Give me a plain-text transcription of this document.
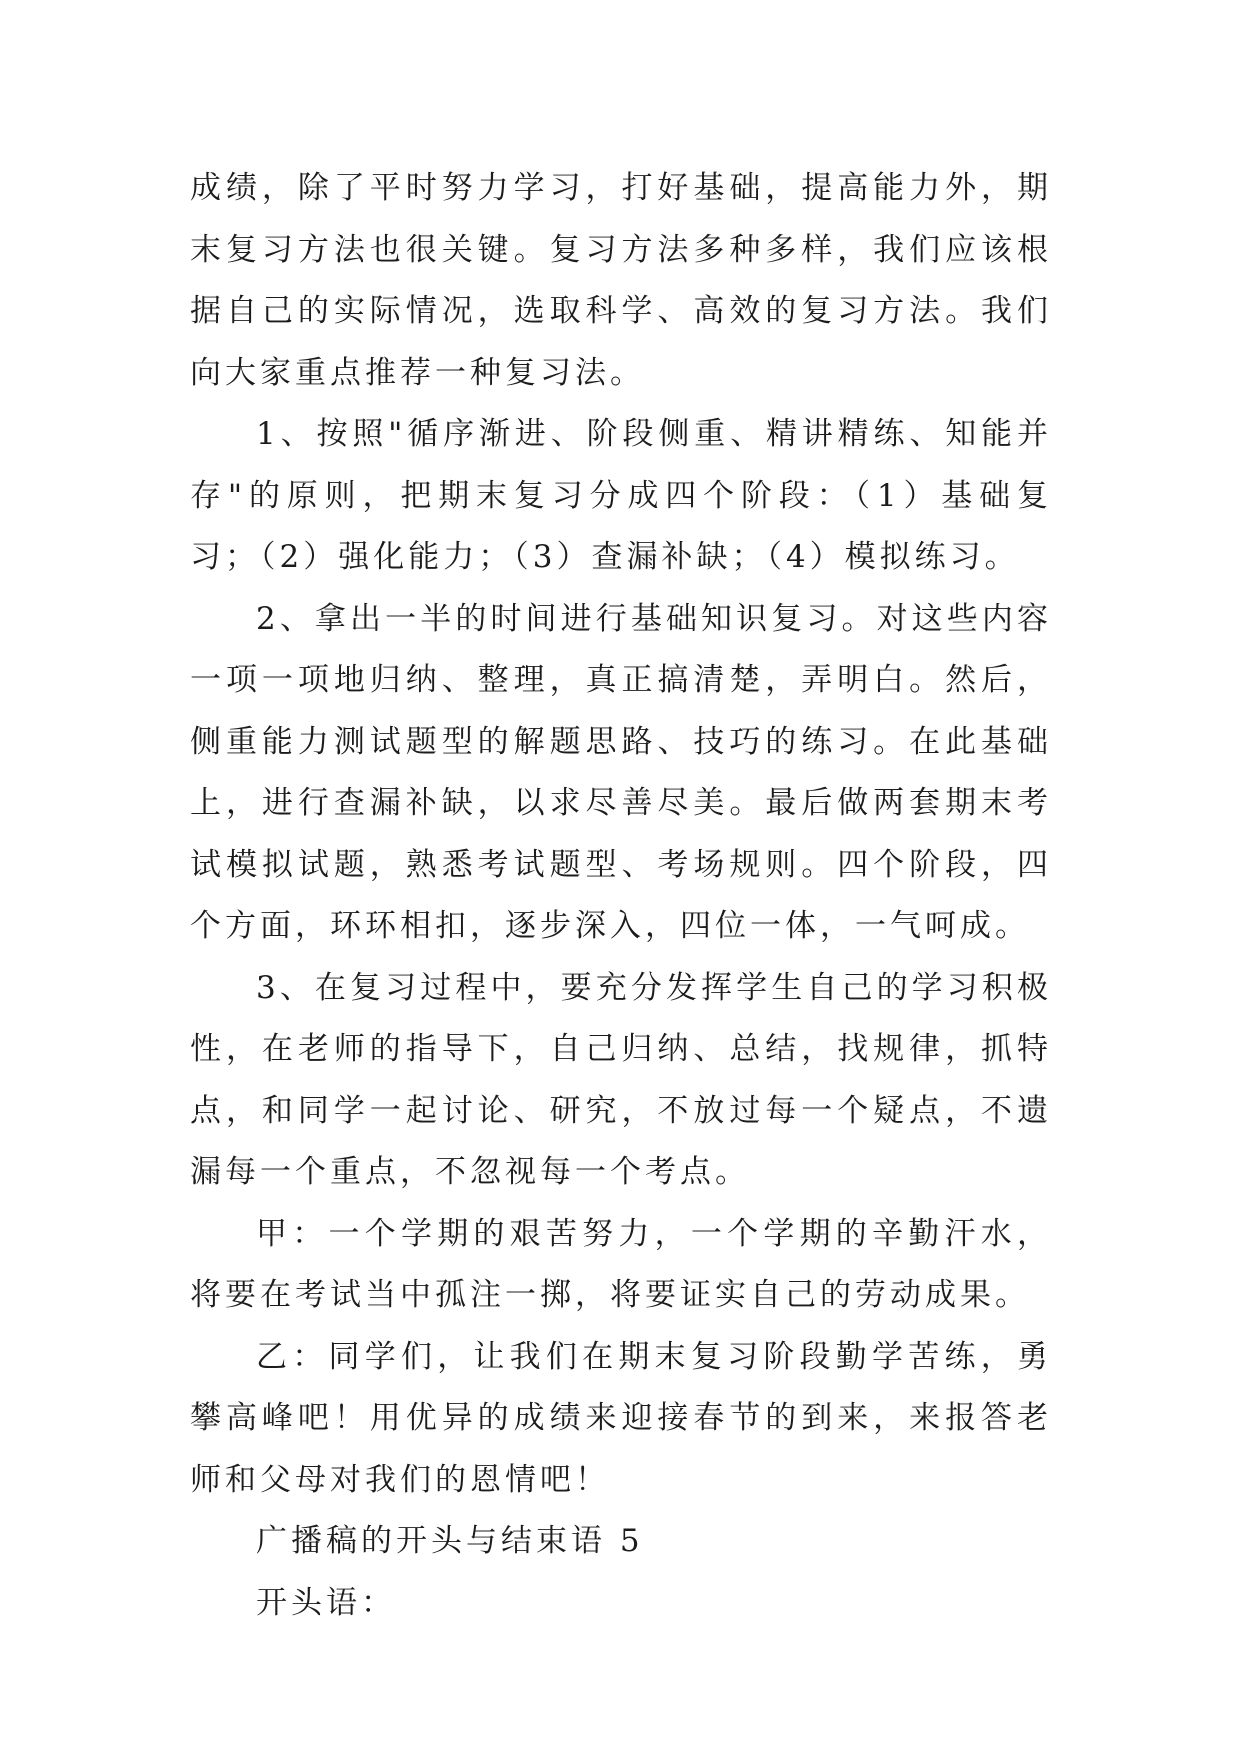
成绩，除了平时努力学习，打好基础，提高能力外，期末复习方法也很关键。复习方法多种多样，我们应该根据自己的实际情况，选取科学、高效的复习方法。我们向大家重点推荐一种复习法。

1、按照"循序渐进、阶段侧重、精讲精练、知能并存"的原则，把期末复习分成四个阶段：（1）基础复习；（2）强化能力；（3）查漏补缺；（4）模拟练习。

2、拿出一半的时间进行基础知识复习。对这些内容一项一项地归纳、整理，真正搞清楚，弄明白。然后，侧重能力测试题型的解题思路、技巧的练习。在此基础上，进行查漏补缺，以求尽善尽美。最后做两套期末考试模拟试题，熟悉考试题型、考场规则。四个阶段，四个方面，环环相扣，逐步深入，四位一体，一气呵成。

3、在复习过程中，要充分发挥学生自己的学习积极性，在老师的指导下，自己归纳、总结，找规律，抓特点，和同学一起讨论、研究，不放过每一个疑点，不遗漏每一个重点，不忽视每一个考点。

甲：一个学期的艰苦努力，一个学期的辛勤汗水，将要在考试当中孤注一掷，将要证实自己的劳动成果。

乙：同学们，让我们在期末复习阶段勤学苦练，勇攀高峰吧！用优异的成绩来迎接春节的到来，来报答老师和父母对我们的恩情吧！

广播稿的开头与结束语 5

开头语：
